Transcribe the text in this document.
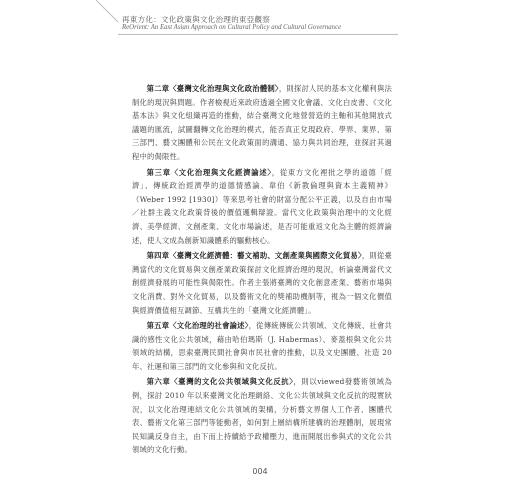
再東方化：文化政策與文化治理的東亞觀察
ReOrient: An East Asian Approach on Cultural Policy and Cultural Governance

第二章〈臺灣文化治理與文化政治體制〉，則探討人民的基本文化權利與法制化的現況與問題。作者檢視近來政府透過全國文化會議、文化白皮書、《文化基本法》與文化組織再造的推動，結合臺灣文化地營營造的主軸和其他開放式議題的匯流，試圖翻轉文化治理的模式，能否真正兌現政府、學界、業界、第三部門、藝文團體和公民在文化政策面的溝通、協力與共同治理，並探討其過程中的侷限性。

第三章〈文化治理與文化經濟論述〉，從東方文化裡批之學的道德「經濟」、傳統政治經濟學的道德情感論、韋伯《新教倫理與資本主義精神》（Weber 1992 [1930]）等來思考社會的財富分配公平正義，以及自由市場／社群主義文化政策背後的價值邏輯辯證。當代文化政策與治理中的文化經濟、美學經濟、文創產業、文化市場論述，是否可能重返文化為主體的經濟論述，使人文成為創新知識體系的驅動核心。

第四章〈臺灣文化經濟體：藝文補助、文創產業與國際文化貿易〉，則從臺灣當代的文化貿易與文創產業政策探討文化經濟治理的現況，析論臺灣當代文創經濟發展的可能性與侷限性。作者主張將臺灣的文化創意產業、藝術市場與文化消費、對外文化貿易，以及藝術文化的獎補助機制等，視為一個文化價值與經濟價值相互調節、互構共生的「臺灣文化經濟體」。

第五章〈文化治理的社會論述〉，從傳統傳統公共領域、文化傳統、社會共識的感性文化公共領域，藉由哈伯瑪斯（J. Habermas）、麥蓋根與文化公共領域的結構，思索臺灣民間社會與市民社會的推動，以及文史團體、社造 20 年、社運和第三部門的文化參與和文化反抗。

第六章〈臺灣的文化公共領域與文化反抗〉，則以viewed發藝術領域為例，探討 2010 年以來臺灣文化治理網絡、文化公共領域與文化反抗的現實狀況，以文化治理連結文化公共領域的架構，分析藝文界個人工作者、團體代表、藝術文化第三部門等能動者，如何對上層結構所建構的治理體制，展現常民知識反身自主，由下而上持續給予政權壓力，進而開展出參與式的文化公共領域的文化行動。

004
